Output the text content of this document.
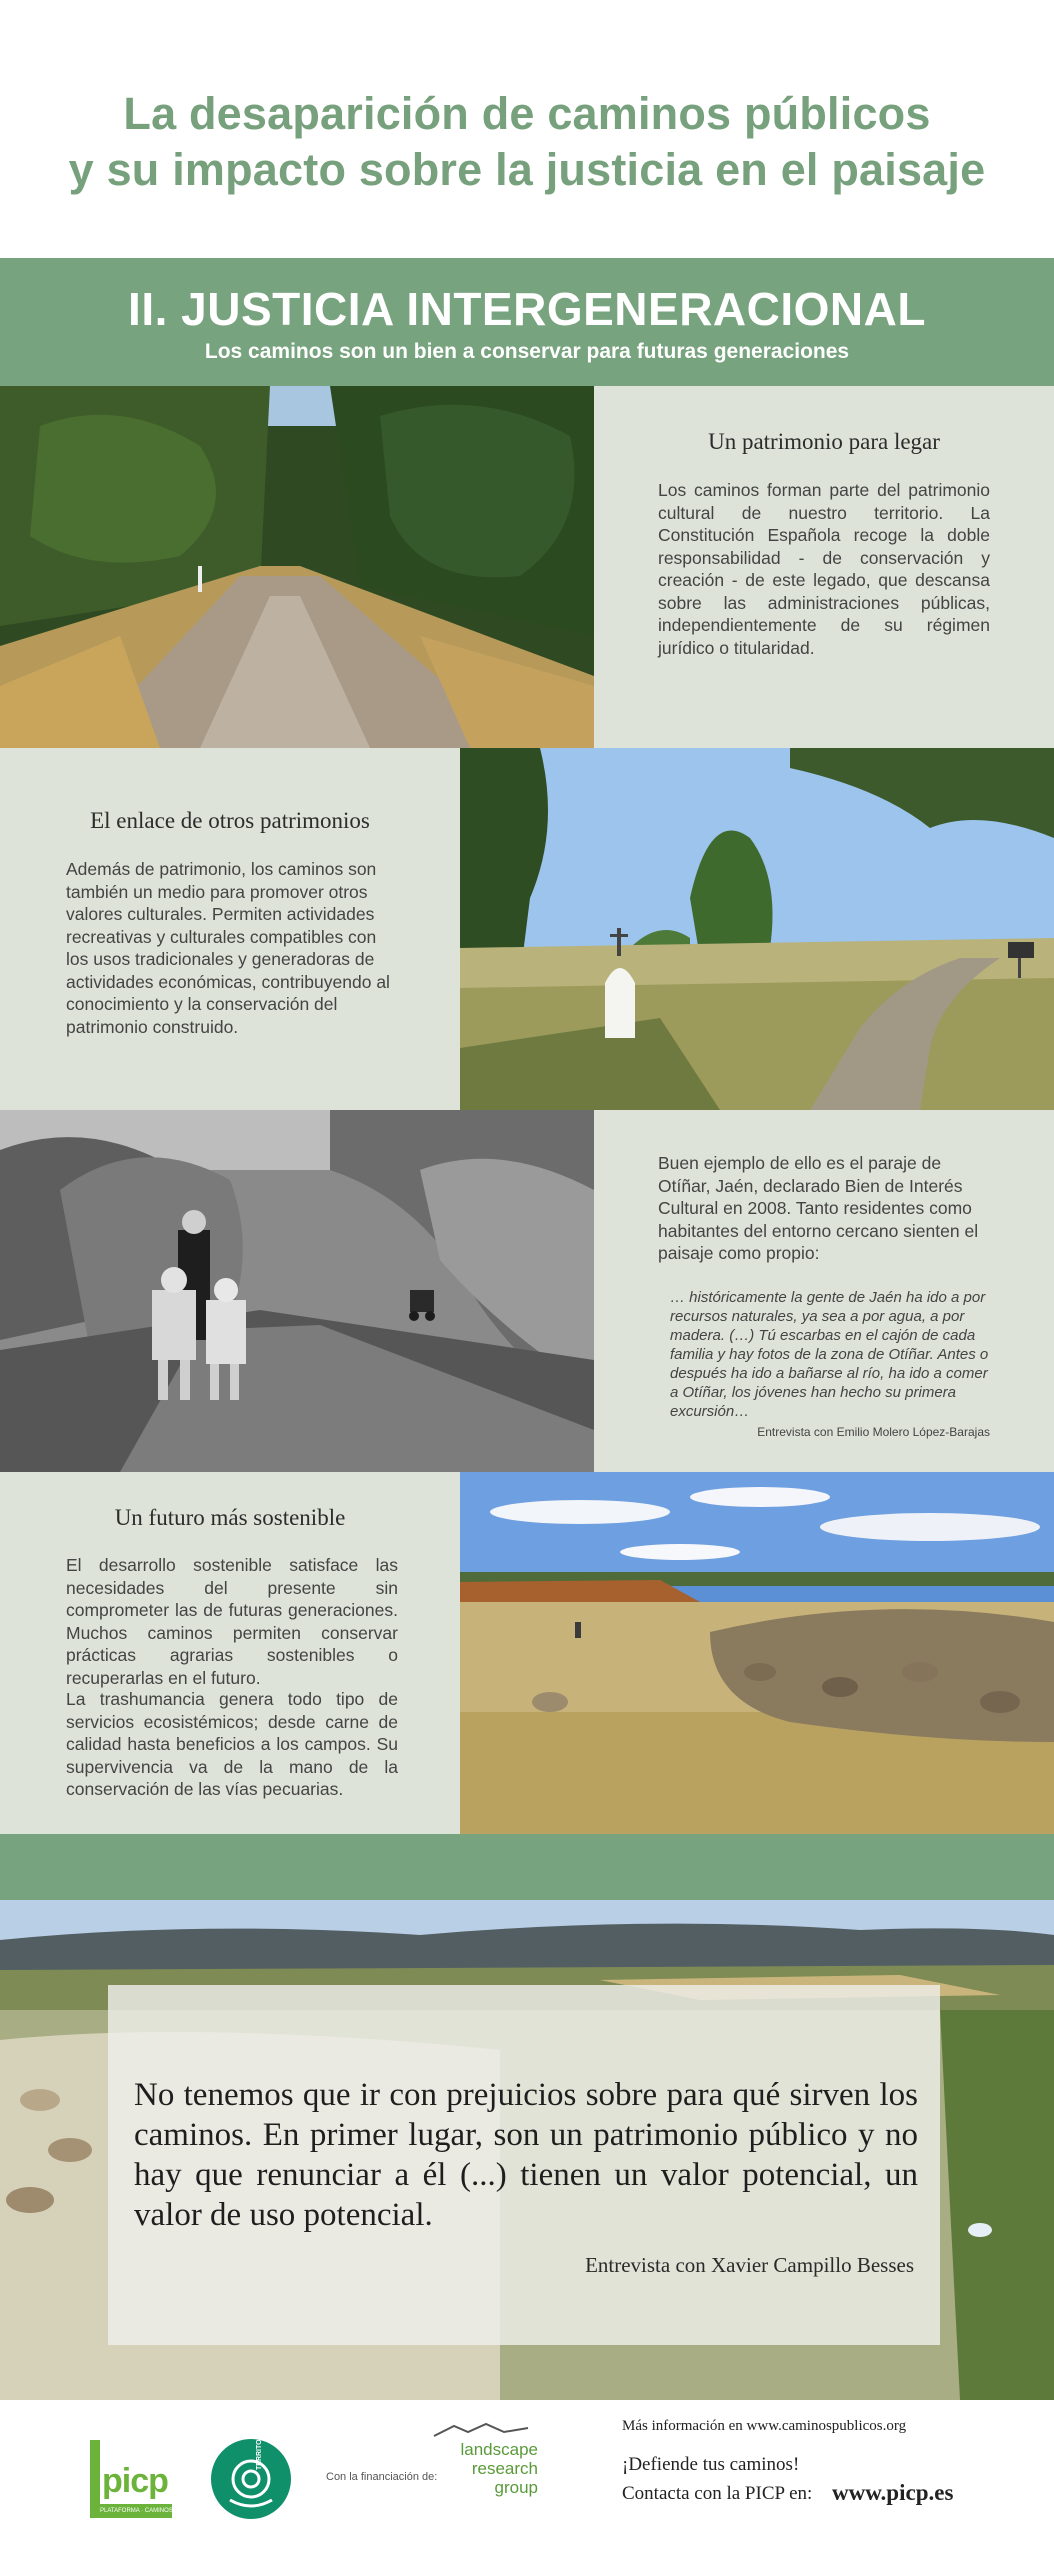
La desaparición de caminos públicos
y su impacto sobre la justicia en el paisaje
II. JUSTICIA INTERGENERACIONAL
Los caminos son un bien a conservar para futuras generaciones
Un patrimonio para legar

Los caminos forman parte del patrimonio cultural de nuestro territorio. La Constitución Española recoge la doble responsabilidad - de conservación y creación - de este legado, que descansa sobre las administraciones públicas, independientemente de su régimen jurídico o titularidad.

El enlace de otros patrimonios

Además de patrimonio, los caminos son también un medio para promover otros valores culturales. Permiten actividades recreativas y culturales compatibles con los usos tradicionales y generadoras de actividades económicas, contribuyendo al conocimiento y la conservación del patrimonio construido.

Buen ejemplo de ello es el paraje de Otíñar, Jaén, declarado Bien de Interés Cultural en 2008. Tanto residentes como habitantes del entorno cercano sienten el paisaje como propio:

… históricamente la gente de Jaén ha ido a por recursos naturales, ya sea a por agua, a por madera. (…) Tú escarbas en el cajón de cada familia y hay fotos de la zona de Otíñar. Antes o después ha ido a bañarse al río, ha ido a comer a Otíñar, los jóvenes han hecho su primera excursión…

Entrevista con Emilio Molero López-Barajas

Un futuro más sostenible

El desarrollo sostenible satisface las necesidades del presente sin comprometer las de futuras generaciones. Muchos caminos permiten conservar prácticas agrarias sostenibles o recuperarlas en el futuro.

La trashumancia genera todo tipo de servicios ecosistémicos; desde carne de calidad hasta beneficios a los campos. Su supervivencia va de la mano de la conservación de las vías pecuarias.

No tenemos que ir con prejuicios sobre para qué sirven los caminos. En primer lugar, son un patrimonio público y no hay que renunciar a él (...) tienen un valor potencial, un valor de uso potencial.

Entrevista con Xavier Campillo Besses

picp
PLATAFORMA · CAMINOS PÚBLICOS
TERRITORIA
Con la financiación de:
landscape
research
group
Más información en www.caminospublicos.org
¡Defiende tus caminos!
Contacta con la PICP en: www.picp.es
